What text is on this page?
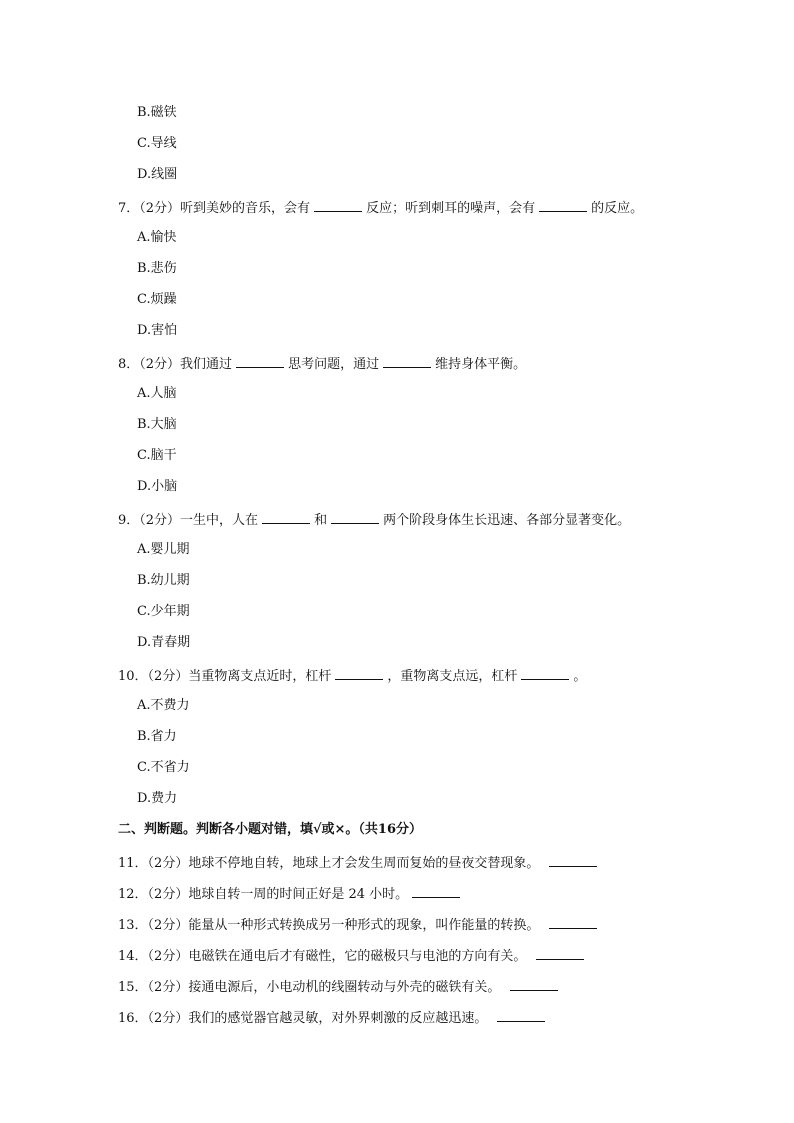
B.磁铁
C.导线
D.线圈
7．（2分）听到美妙的音乐，会有	反应；听到刺耳的噪声，会有	的反应。
A.愉快
B.悲伤
C.烦躁
D.害怕
8．（2分）我们通过	思考问题，通过	维持身体平衡。
A.人脑
B.大脑
C.脑干
D.小脑
9．（2分）一生中，人在	和	两个阶段身体生长迅速、各部分显著变化。
A.婴儿期
B.幼儿期
C.少年期
D.青春期
10．（2分）当重物离支点近时，杠杆	，重物离支点远，杠杆	。
A.不费力
B.省力
C.不省力
D.费力
二、判断题。判断各小题对错，填√或×。（共16分）
11．（2分）地球不停地自转，地球上才会发生周而复始的昼夜交替现象。
12．（2分）地球自转一周的时间正好是 24 小时。
13．（2分）能量从一种形式转换成另一种形式的现象，叫作能量的转换。
14．（2分）电磁铁在通电后才有磁性，它的磁极只与电池的方向有关。
15．（2分）接通电源后，小电动机的线圈转动与外壳的磁铁有关。
16．（2分）我们的感觉器官越灵敏，对外界刺激的反应越迅速。
